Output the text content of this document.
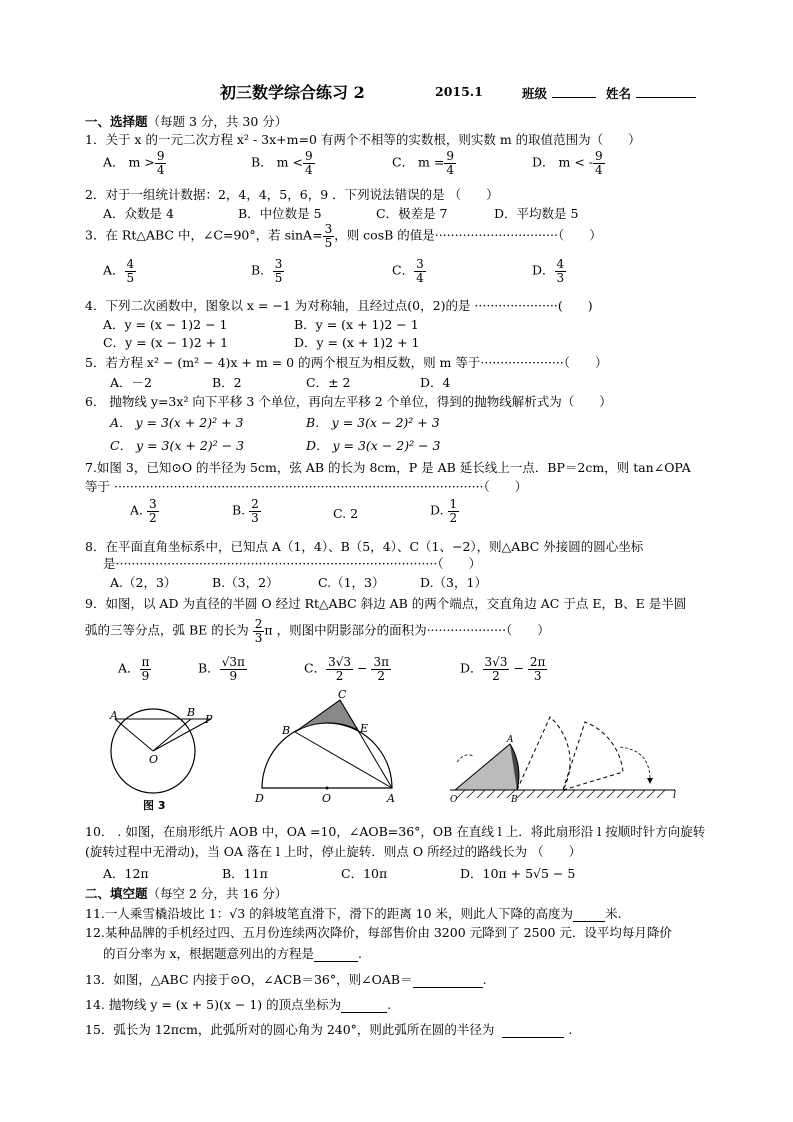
初三数学综合练习 2	2015.1	班级	姓名
一、选择题（每题 3 分，共 30 分）
1．关于 x 的一元二次方程 x² - 3x+m=0 有两个不相等的实数根，则实数 m 的取值范围为（　　）
A． $m > \frac{9}{4}$	B． $m < \frac{9}{4}$	C． $m = \frac{9}{4}$	D． m < - $\frac{9}{4}$
2．对于一组统计数据：2，4，4，5，6，9 ．下列说法错误的是 （　　）
A．众数是 4	B．中位数是 5	C．极差是 7	D．平均数是 5
3．在 Rt△ABC 中，∠C=90°，若 $\sin A= \frac{3}{5}$ ，则 cosB 的值是·······························（　　）
A． $\frac{4}{5}$	B． $\frac{3}{5}$	C． $\frac{3}{4}$	D． $\frac{4}{3}$
4．下列二次函数中，图象以 x = −1 为对称轴，且经过点(0，2)的是 ·····················(　　)
A．y = (x − 1)2 − 1	B．y = (x + 1)2 − 1
C．y = (x − 1)2 + 1	D．y = (x + 1)2 + 1
5．若方程 x² − (m² − 4)x + m = 0 的两个根互为相反数，则 m 等于·····················（　　）
A．－2	B．2	C．± 2	D．4
6． 抛物线 y=3x² 向下平移 3 个单位，再向左平移 2 个单位，得到的抛物线解析式为（　　）
A． y = 3(x + 2)² + 3	B． y = 3(x − 2)² + 3
C． y = 3(x + 2)² − 3	D． y = 3(x − 2)² − 3
7.如图 3，已知⊙O 的半径为 5cm，弦 AB 的长为 8cm，P 是 AB 延长线上一点．BP＝2cm，则 tan∠OPA
等于 ·····························································································（　　）
A. $\frac{3}{2}$	B. $\frac{2}{3}$	C. 2	D. $\frac{1}{2}$
8．在平面直角坐标系中，已知点 A（1，4）、B（5，4）、C（1、−2），则△ABC 外接圆的圆心坐标
是·················································································（　　）
A.（2，3）	B.（3，2）	C.（1，3）	D.（3，1）
9．如图，以 AD 为直径的半圆 O 经过 Rt△ABC 斜边 AB 的两个端点，交直角边 AC 于点 E，B、E 是半圆
弧的三等分点，弧 BE 的长为 $\frac{2}{3}$ π ，则图中阴影部分的面积为····················（　　）
A． $\frac{\pi}{9}$	B． $\frac{√3\pi}{9}$	C． $\frac{3√3}{2} - \frac{3\pi}{2}$	D． $\frac{3√3}{2} - \frac{2\pi}{3}$
A	B
P
O
图 3
C
B	E
D	O	A
A
O	B	l
10． . 如图，在扇形纸片 AOB 中，OA =10，∠AOB=36°，OB 在直线 l 上．将此扇形沿 l 按顺时针方向旋转
(旋转过程中无滑动)，当 OA 落在 l 上时，停止旋转．则点 O 所经过的路线长为 （　　）
A．12π	B．11π	C．10π	D．10π + 5√5 − 5
二、填空题（每空 2 分，共 16 分）
11.一人乘雪橇沿坡比 1：√3 的斜坡笔直滑下，滑下的距离 10 米，则此人下降的高度为	米.
12.某种品牌的手机经过四、五月份连续两次降价，每部售价由 3200 元降到了 2500 元．设平均每月降价
的百分率为 x，根据题意列出的方程是	.
13．如图，△ABC 内接于⊙O，∠ACB＝36°，则∠OAB＝	.
14. 抛物线 y = (x + 5)(x − 1) 的顶点坐标为	.
15．弧长为 12πcm，此弧所对的圆心角为 240°，则此弧所在圆的半径为	.
